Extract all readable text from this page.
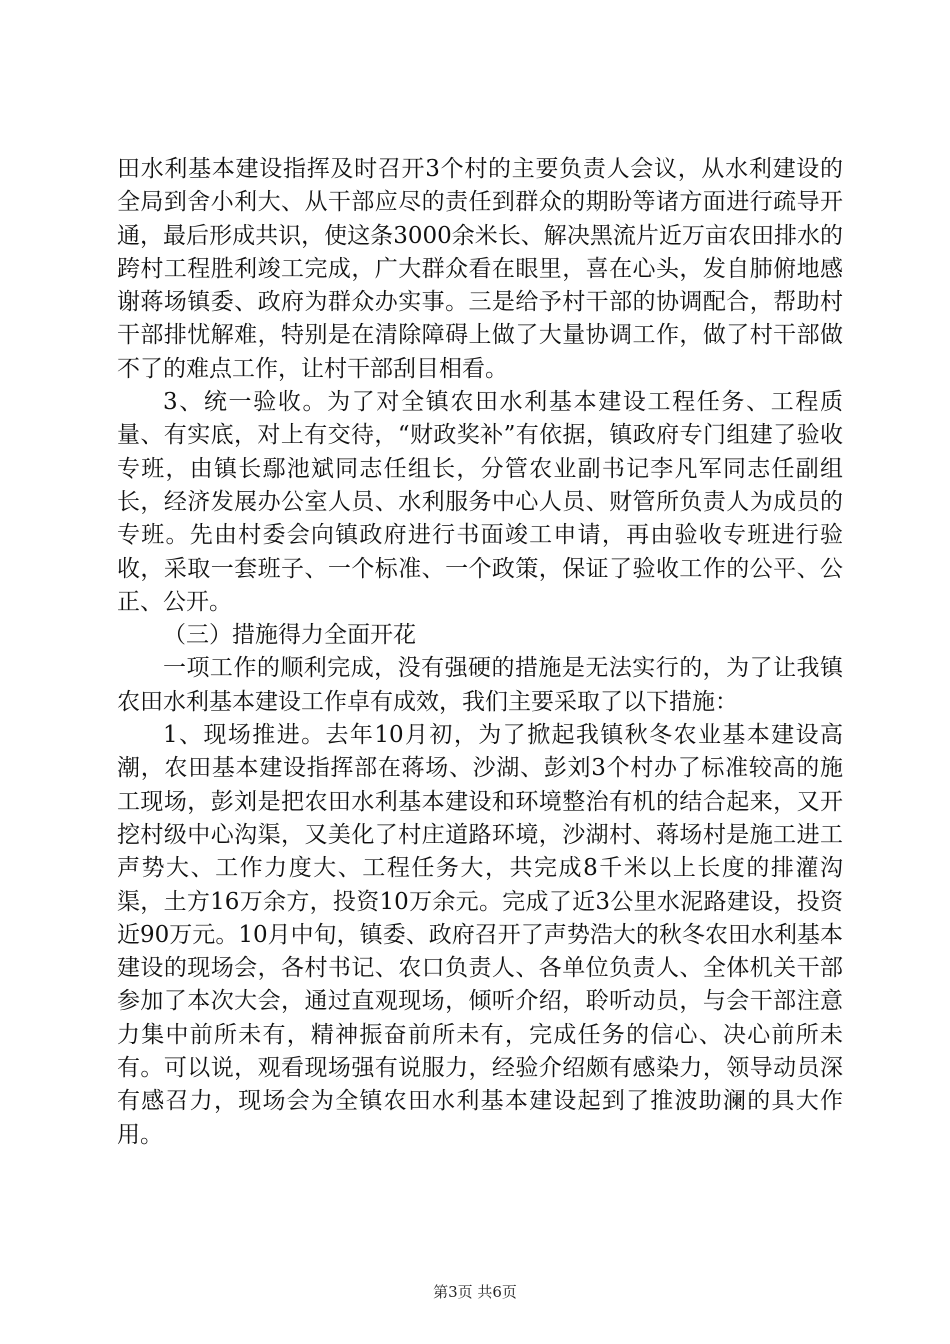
田水利基本建设指挥及时召开3个村的主要负责人会议，从水利建设的全局到舍小利大、从干部应尽的责任到群众的期盼等诸方面进行疏导开通，最后形成共识，使这条3000余米长、解决黑流片近万亩农田排水的跨村工程胜利竣工完成，广大群众看在眼里，喜在心头，发自肺俯地感谢蒋场镇委、政府为群众办实事。三是给予村干部的协调配合，帮助村干部排忧解难，特别是在清除障碍上做了大量协调工作，做了村干部做不了的难点工作，让村干部刮目相看。

3、统一验收。为了对全镇农田水利基本建设工程任务、工程质量、有实底，对上有交待，“财政奖补”有依据，镇政府专门组建了验收专班，由镇长鄢池斌同志任组长，分管农业副书记李凡军同志任副组长，经济发展办公室人员、水利服务中心人员、财管所负责人为成员的专班。先由村委会向镇政府进行书面竣工申请，再由验收专班进行验收，采取一套班子、一个标准、一个政策，保证了验收工作的公平、公正、公开。

（三）措施得力全面开花

一项工作的顺利完成，没有强硬的措施是无法实行的，为了让我镇农田水利基本建设工作卓有成效，我们主要采取了以下措施：

1、现场推进。去年10月初，为了掀起我镇秋冬农业基本建设高潮，农田基本建设指挥部在蒋场、沙湖、彭刘3个村办了标准较高的施工现场，彭刘是把农田水利基本建设和环境整治有机的结合起来，又开挖村级中心沟渠，又美化了村庄道路环境，沙湖村、蒋场村是施工进工声势大、工作力度大、工程任务大，共完成8千米以上长度的排灌沟渠，土方16万余方，投资10万余元。完成了近3公里水泥路建设，投资近90万元。10月中旬，镇委、政府召开了声势浩大的秋冬农田水利基本建设的现场会，各村书记、农口负责人、各单位负责人、全体机关干部参加了本次大会，通过直观现场，倾听介绍，聆听动员，与会干部注意力集中前所未有，精神振奋前所未有，完成任务的信心、决心前所未有。可以说，观看现场强有说服力，经验介绍颇有感染力，领导动员深有感召力，现场会为全镇农田水利基本建设起到了推波助澜的具大作用。

第3页 共6页
